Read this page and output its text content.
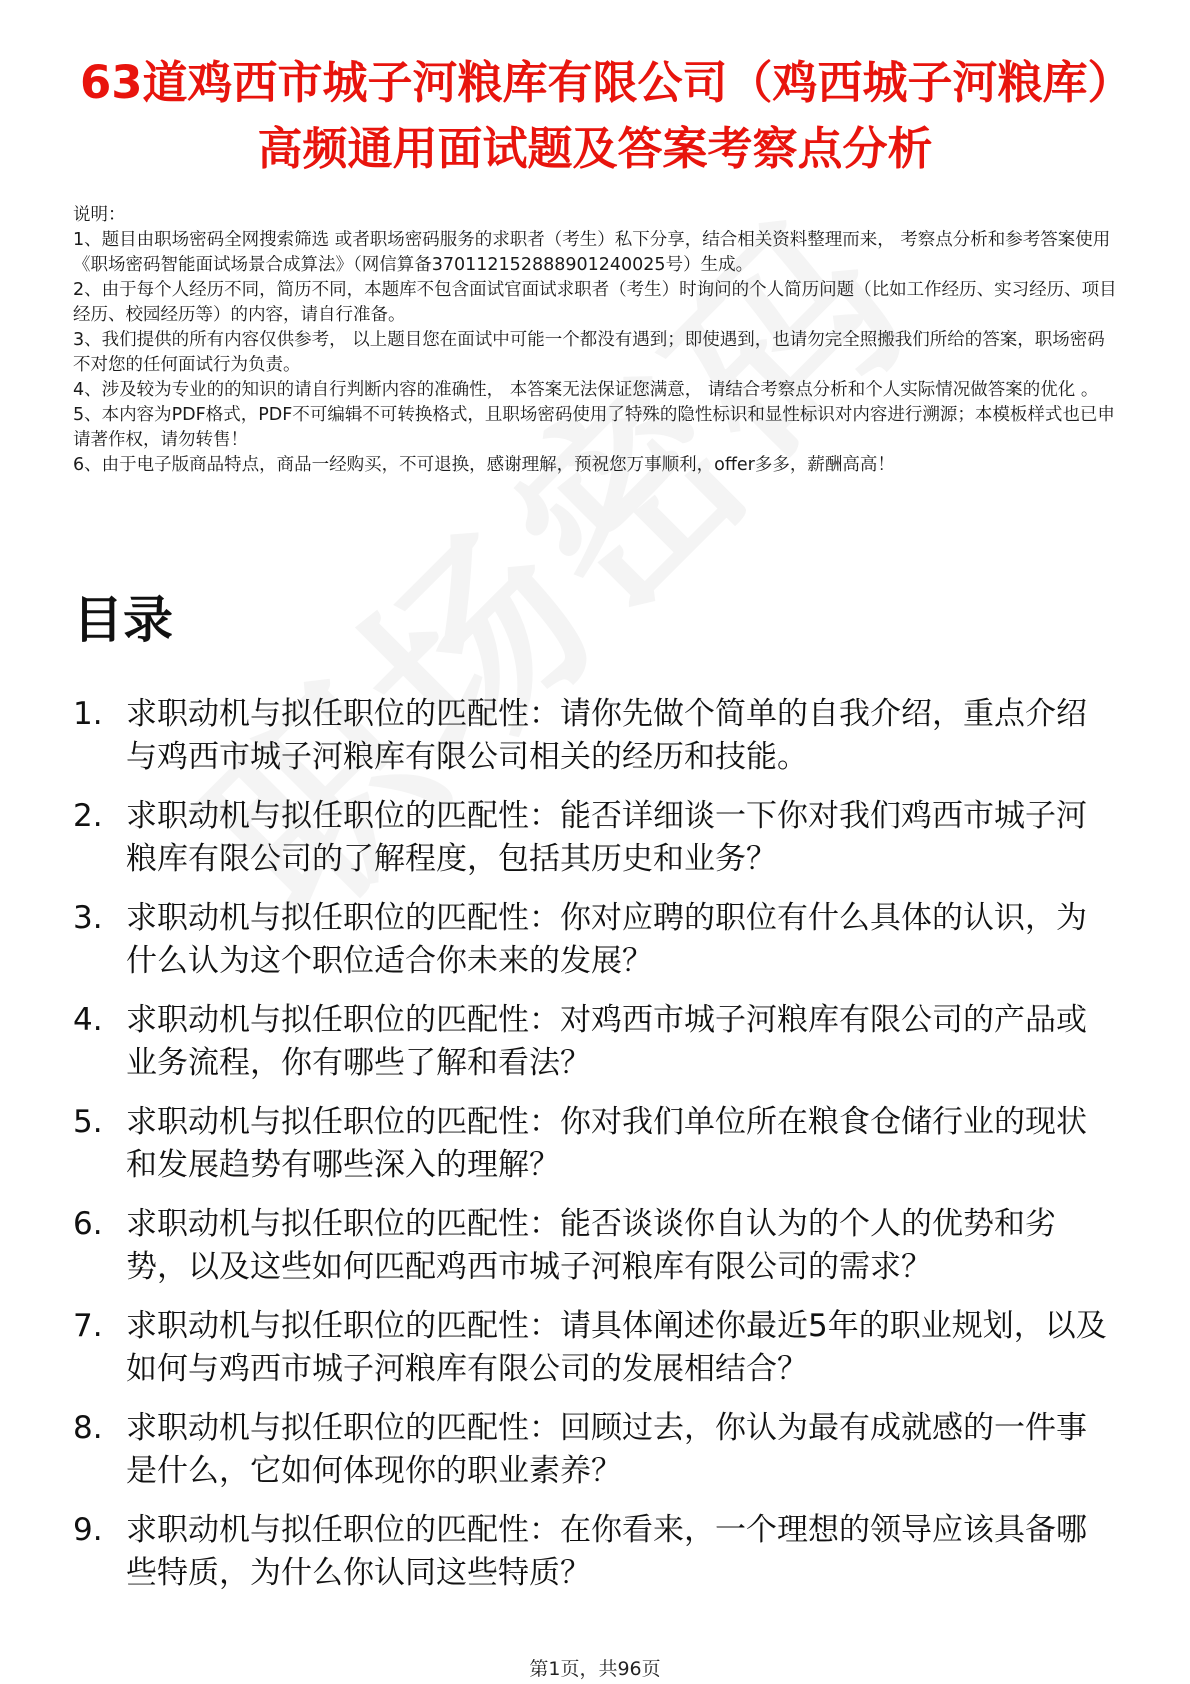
63道鸡西市城子河粮库有限公司（鸡西城子河粮库）高频通用面试题及答案考察点分析

说明：

1、题目由职场密码全网搜索筛选 或者职场密码服务的求职者（考生）私下分享，结合相关资料整理而来， 考察点分析和参考答案使用《职场密码智能面试场景合成算法》（网信算备370112152888901240025号）生成。

2、由于每个人经历不同，简历不同，本题库不包含面试官面试求职者（考生）时询问的个人简历问题（比如工作经历、实习经历、项目经历、校园经历等）的内容，请自行准备。

3、我们提供的所有内容仅供参考， 以上题目您在面试中可能一个都没有遇到；即使遇到，也请勿完全照搬我们所给的答案，职场密码不对您的任何面试行为负责。

4、涉及较为专业的的知识的请自行判断内容的准确性， 本答案无法保证您满意， 请结合考察点分析和个人实际情况做答案的优化 。

5、本内容为PDF格式，PDF不可编辑不可转换格式，且职场密码使用了特殊的隐性标识和显性标识对内容进行溯源；本模板样式也已申请著作权，请勿转售！

6、由于电子版商品特点，商品一经购买，不可退换，感谢理解，预祝您万事顺利，offer多多，薪酬高高！

目录
1. 求职动机与拟任职位的匹配性：请你先做个简单的自我介绍，重点介绍与鸡西市城子河粮库有限公司相关的经历和技能。
2. 求职动机与拟任职位的匹配性：能否详细谈一下你对我们鸡西市城子河粮库有限公司的了解程度，包括其历史和业务？
3. 求职动机与拟任职位的匹配性：你对应聘的职位有什么具体的认识，为什么认为这个职位适合你未来的发展？
4. 求职动机与拟任职位的匹配性：对鸡西市城子河粮库有限公司的产品或业务流程，你有哪些了解和看法？
5. 求职动机与拟任职位的匹配性：你对我们单位所在粮食仓储行业的现状和发展趋势有哪些深入的理解？
6. 求职动机与拟任职位的匹配性：能否谈谈你自认为的个人的优势和劣势，以及这些如何匹配鸡西市城子河粮库有限公司的需求？
7. 求职动机与拟任职位的匹配性：请具体阐述你最近5年的职业规划，以及如何与鸡西市城子河粮库有限公司的发展相结合？
8. 求职动机与拟任职位的匹配性：回顾过去，你认为最有成就感的一件事是什么，它如何体现你的职业素养？
9. 求职动机与拟任职位的匹配性：在你看来，一个理想的领导应该具备哪些特质，为什么你认同这些特质？
第1页，共96页
